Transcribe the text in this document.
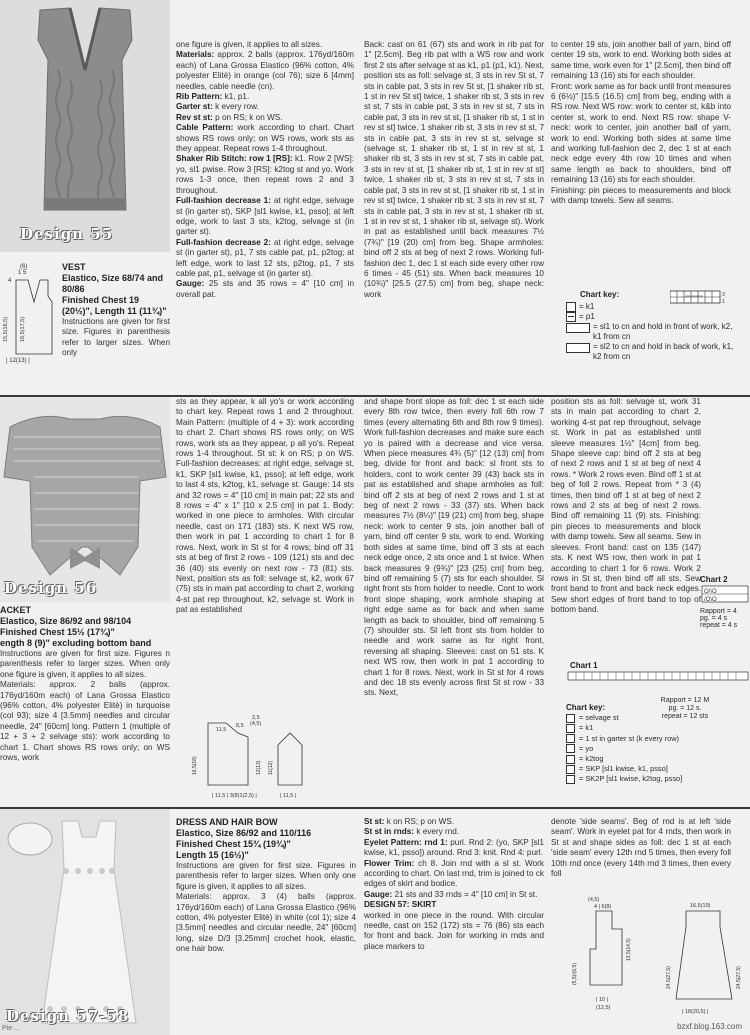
Design 55
4
1 5
(6)
| 12(13) |
15,5(16,5) 16,5(17,5)
VEST
Elastico, Size 68/74 and 80/86
Finished Chest 19 (20½)", Length 11 (11¾)"

Instructions are given for first size. Figures in parenthesis refer to larger sizes. When only

one figure is given, it applies to all sizes.
Materials: approx. 2 balls (approx. 176yd/160m each) of Lana Grossa Elastico (96% cotton, 4% polyester Elitè) in orange (col 76); size 6 [4mm] needles, cable needle (cn).
Rib Pattern: k1, p1.
Garter st: k every row.
Rev st st: p on RS; k on WS.
Cable Pattern: work according to chart. Chart shows RS rows only; on WS rows, work sts as they appear. Repeat rows 1-4 throughout.
Shaker Rib Stitch: row 1 [RS]: k1. Row 2 [WS]: yo, sl1 pwise. Row 3 [RS]: k2tog st and yo. Work rows 1-3 once, then repeat rows 2 and 3 throughout.
Full-fashion decrease 1: at right edge, selvage st (in garter st), SKP [sl1 kwise, k1, psso]; at left edge, work to last 3 sts, k2tog, selvage st (in garter st).
Full-fashion decrease 2: at right edge, selvage st (in garter st), p1, 7 sts cable pat, p1, p2tog; at left edge, work to last 12 sts, p2tog, p1, 7 sts cable pat, p1, selvage st (in garter st).
Gauge: 25 sts and 35 rows = 4" [10 cm] in overall pat.

Back: cast on 61 (67) sts and work in rib pat for 1" [2.5cm]. Beg rib pat with a WS row and work first 2 sts after selvage st as k1, p1 (p1, k1). Next, position sts as foll: selvage st, 3 sts in rev St st, 7 sts in cable pat, 3 sts in rev St st, [1 shaker rib st, 1 st in rev St st] twice, 1 shaker rib st, 3 sts in rev st st, 7 sts in cable pat, 3 sts in rev st st, 7 sts in cable pat, 3 sts in rev st st, [1 shaker rib st, 1 st in rev st st] twice, 1 shaker rib st, 3 sts in rev st st, 7 sts in cable pat, 3 sts in rev st st, selvage st (selvage st, 1 shaker rib st, 1 st in rev st st, 1 shaker rib st, 3 sts in rev st st, 7 sts in cable pat, 3 sts in rev st st, [1 shaker rib st, 1 st in rev st st] twice, 1 shaker rib st, 3 sts in rev st st, 7 sts in cable pat, 3 sts in rev st st, [1 shaker rib st, 1 st in rev st st] twice, 1 shaker rib st, 3 sts in rev st st, 7 sts in cable pat, 3 sts in rev st st, 1 shaker rib st, 1 st in rev st st, 1 shaker rib st, selvage st). Work in pat as established until back measures 7½ (7¾)" [19 (20) cm] from beg. Shape armholes: bind off 2 sts at beg of next 2 rows. Working full-fashion dec 1, dec 1 st each side every other row 6 times - 45 (51) sts. When back measures 10 (10¾)" [25.5 (27.5) cm] from beg, shape neck: work

to center 19 sts, join another ball of yarn, bind off center 19 sts, work to end. Working both sides at same time, work even for 1" [2.5cm], then bind off remaining 13 (16) sts for each shoulder.

Front: work same as for back until front measures 6 (6½)" [15.5 (16.5) cm] from beg, ending with a RS row. Next WS row: work to center st, k&b into center st, work to end. Next RS row: shape V-neck: work to center, join another ball of yarn, work to end. Working both sides at same time and working full-fashion dec 2, dec 1 st at each neck edge every 4th row 10 times and when same length as back to shoulders, bind off remaining 13 (16) sts for each shoulder.

Finishing: pin pieces to measurements and block with damp towels. Sew all seams.

Chart key:	3
1
= k1
= p1
= sl1 to cn and hold in front of work, k2, k1 from cn
= sl2 to cn and hold in back of work, k1, k2 from cn
Design 56
ACKET
Elastico, Size 86/92 and 98/104
Finished Chest 15½ (17¾)"
ength 8 (9)" excluding bottom band

Instructions are given for first size. Figures n parenthesis refer to larger sizes. When only one figure is given, it applies to all sizes.

Materials: approx. 2 balls (approx. 176yd/160m each) of Lana Grossa Elastico (96% cotton, 4% polyester Elitè) in turquoise (col 93); size 4 [3.5mm] needles and circular needle, 24" [60cm] long. Pattern 1 (multiple of 12 + 3 + 2 selvage sts): work according to chart 1. Chart shows RS rows only; on WS rows, work

sts as they appear, k all yo's or work according to chart key. Repeat rows 1 and 2 throughout. Main Pattern: (multiple of 4 + 3): work according to chart 2. Chart shows RS rows only; on WS rows, work sts as they appear, p all yo's. Repeat rows 1-4 throughout. St st: k on RS; p on WS. Full-fashion decreases: at right edge, selvage st, k1, SKP [sl1 kwise, k1, psso]; at left edge, work to last 4 sts, k2tog, k1, selvage st. Gauge: 14 sts and 32 rows = 4" [10 cm] in main pat; 22 sts and 8 rows = 4" x 1" [10 x 2.5 cm] in pat 1. Body: worked in one piece to armholes. With circular needle, cast on 171 (183) sts. K next WS row, then work in pat 1 according to chart 1 for 8 rows. Next, work in St st for 4 rows; bind off 31 sts at beg of first 2 rows - 109 (121) sts and dec 36 (40) sts evenly on next row - 73 (81) sts. Next, position sts as foll: selvage st, k2, work 67 (75) sts in main pat according to chart 2, working 4-st pat rep throughout, k2, selvage st. Work in pat as established

11,5
8,5 (4,5)
2,5
| 11,5 | 3(8)1(2,5) |	| 11,5 |
16,5(18)	12(13) 11(12)

and shape front slope as foll: dec 1 st each side every 8th row twice, then every foll 6th row 7 times (every alternating 6th and 8th row 9 times). Work full-fashion decreases and make sure each yo is paired with a decrease and vice versa. When piece measures 4¾ (5)" [12 (13) cm] from beg, divide for front and back: sl front sts to holders, cont to work center 39 (43) back sts in pat as established and shape armholes as foll: bind off 2 sts at beg of next 2 rows and 1 st at beg of next 2 rows - 33 (37) sts. When back measures 7½ (8¼)" [19 (21) cm] from beg, shape neck: work to center 9 sts, join another ball of yarn, bind off center 9 sts, work to end. Working both sides at same time, bind off 3 sts at each neck edge once, 2 sts once and 1 st twice. When back measures 9 (9¾)" [23 (25) cm] from beg, bind off remaining 5 (7) sts for each shoulder. Sl right front sts from holder to needle. Cont to work front slope shaping, work armhole shaping at right edge same as for back and when same length as back to shoulder, bind off remaining 5 (7) shoulder sts. Sl left front sts from holder to needle and work same as for right front, reversing all shaping. Sleeves: cast on 51 sts. K next WS row, then work in pat 1 according to chart 1 for 8 rows. Next, work in St st for 4 rows and dec 18 sts evenly across first St st row - 33 sts. Next,

position sts as foll: selvage st, work 31 sts in main pat according to chart 2, working 4-st pat rep throughout, selvage st. Work in pat as established until sleeve measures 1½" [4cm] from beg. Shape sleeve cap: bind off 2 sts at beg of next 2 rows and 1 st at beg of next 4 rows. * Work 2 rows even. Bind off 1 st at beg of foll 2 rows. Repeat from * 3 (4) times, then bind off 1 st at beg of next 2 rows and 2 sts at beg of next 2 rows. Bind off remaining 11 (9) sts. Finishing: pin pieces to measurements and block with damp towels. Sew all seams. Sew in sleeves. Front band: cast on 135 (147) sts. K next WS row, then work in pat 1 according to chart 1 for 6 rows. Work 2 rows in St st, then bind off all sts. Sew front band to front and back neck edges. Sew short edges of front band to top of bottom band.

Chart 2
O/\O
/O\O
Rapport = 4
pg. = 4 s
repeat = 4 s
Chart 1
Rapport = 12 M
pg. = 12 s.
repeat = 12 sts
Chart key:
= selvage st
= k1
= 1 st in garter st (k every row)
= yo
= k2tog
= SKP [sl1 kwise, k1, psso]
= SK2P [sl1 kwise, k2tog, psso]
Design 57-58
DRESS AND HAIR BOW
Elastico, Size 86/92 and 110/116
Finished Chest 15¾ (19¾)"
Length 15 (16½)"

Instructions are given for first size. Figures in parenthesis refer to larger sizes. When only one figure is given, it applies to all sizes.

Materials: approx. 3 (4) balls (approx. 176yd/160m each) of Lana Grossa Elastico (96% cotton, 4% polyester Elitè) in white (col 1); size 4 [3.5mm] needles and circular needle, 24" [60cm] long, size D/3 [3.25mm] crochet hook, elastic, one hair bow.

St st: k on RS; p on WS.
St st in rnds: k every rnd.
Eyelet Pattern: rnd 1: purl. Rnd 2: (yo, SKP [sl1 kwise, k1, psso]) around. Rnd 3: knit. Rnd 4: purl.
Flower Trim: ch 8. Join rnd with a sl st. Work according to chart. On last rnd, trim is joined to ck edges of skirt and bodice.
Gauge: 21 sts and 33 rnds = 4" [10 cm] in St st.
DESIGN 57: SKIRT
worked in one piece in the round. With circular needle, cast on 152 (172) sts = 76 (86) sts each for front and back. Join for working in rnds and place markers to

denote 'side seams'. Beg of rnd is at left 'side seam'. Work in eyelet pat for 4 rnds, then work in St st and shape sides as foll: dec 1 st at each 'side seam' every 12th rnd 5 times, then every foll 10th rnd once (every 14th rnd 3 times, then every foll

(4,5)
4 | 6(8)	16,5(19)
| 10 |
(12,5)
| 18(20,5) |
(5,5)/(6,5)
13,5(14,5)
24,5(27,5)	24,5(27,5)
Pie ...	bzxf.blog.163.com
